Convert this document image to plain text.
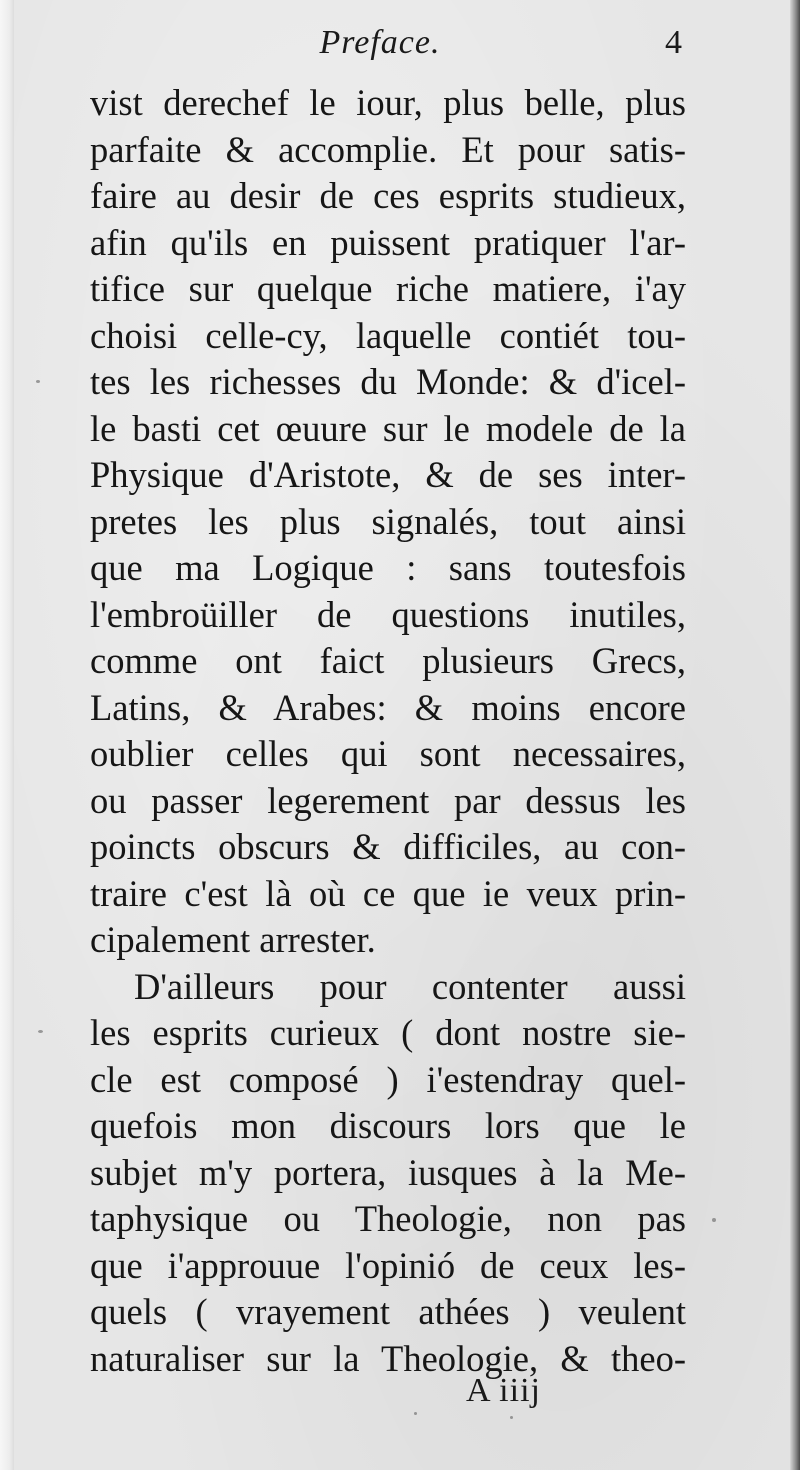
Preface.	4
vist derechef le iour, plus belle, plus
parfaite & accomplie. Et pour satis-
faire au desir de ces esprits studieux,
afin qu'ils en puissent pratiquer l'ar-
tifice sur quelque riche matiere, i'ay
choisi celle-cy, laquelle contiét tou-
tes les richesses du Monde: & d'icel-
le basti cet œuure sur le modele de la
Physique d'Aristote, & de ses inter-
pretes les plus signalés, tout ainsi
que ma Logique : sans toutesfois
l'embroüiller de questions inutiles,
comme ont faict plusieurs Grecs,
Latins, & Arabes: & moins encore
oublier celles qui sont necessaires,
ou passer legerement par dessus les
poincts obscurs & difficiles, au con-
traire c'est là où ce que ie veux prin-
cipalement arrester.
D'ailleurs pour contenter aussi
les esprits curieux ( dont nostre sie-
cle est composé ) i'estendray quel-
quefois mon discours lors que le
subjet m'y portera, iusques à la Me-
taphysique ou Theologie, non pas
que i'approuue l'opinió de ceux les-
quels ( vrayement athées ) veulent
naturaliser sur la Theologie, & theo-
A iiij
